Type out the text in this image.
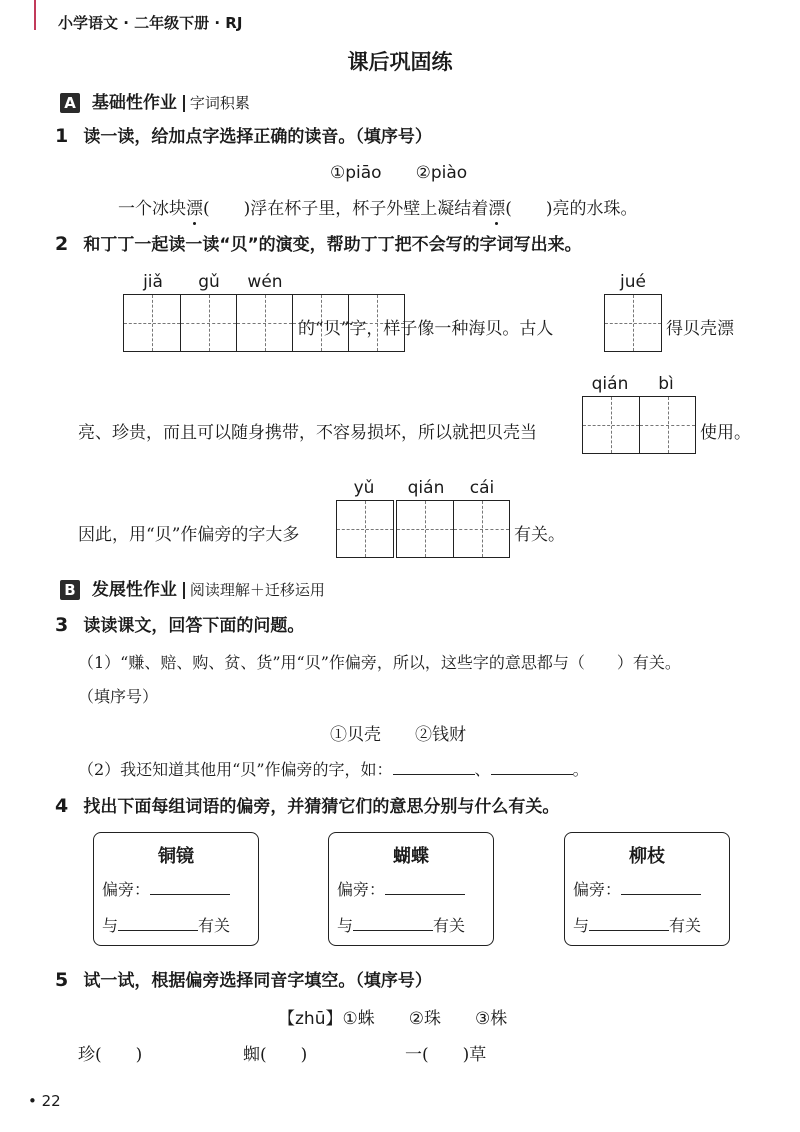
小学语文 · 二年级下册 · RJ
课后巩固练
A 基础性作业 字词积累
1 读一读，给加点字选择正确的读音。（填序号）
①piāo　　②piào
一个冰块漂(　　)浮在杯子里，杯子外壁上凝结着漂(　　)亮的水珠。
2 和丁丁一起读一读“贝”的演变，帮助丁丁把不会写的字词写出来。
jiǎ	gǔ	wén
的“贝”字，样子像一种海贝。古人
jué
得贝壳漂
亮、珍贵，而且可以随身携带，不容易损坏，所以就把贝壳当
qián	bì
使用。
因此，用“贝”作偏旁的字大多
yǔ	qián	cái
有关。
B 发展性作业 阅读理解＋迁移运用
3 读读课文，回答下面的问题。
（1）“赚、赔、购、贫、货”用“贝”作偏旁，所以，这些字的意思都与（　　）有关。
（填序号）
①贝壳　　②钱财
（2）我还知道其他用“贝”作偏旁的字，如：	、	。
4 找出下面每组词语的偏旁，并猜猜它们的意思分别与什么有关。
铜镜
偏旁：
与	有关
蝴蝶
偏旁：
与	有关
柳枝
偏旁：
与	有关
5 试一试，根据偏旁选择同音字填空。（填序号）
【zhū】①蛛　　②珠　　③株
珍(　　)	蜘(　　)	一(　　)草
• 22
